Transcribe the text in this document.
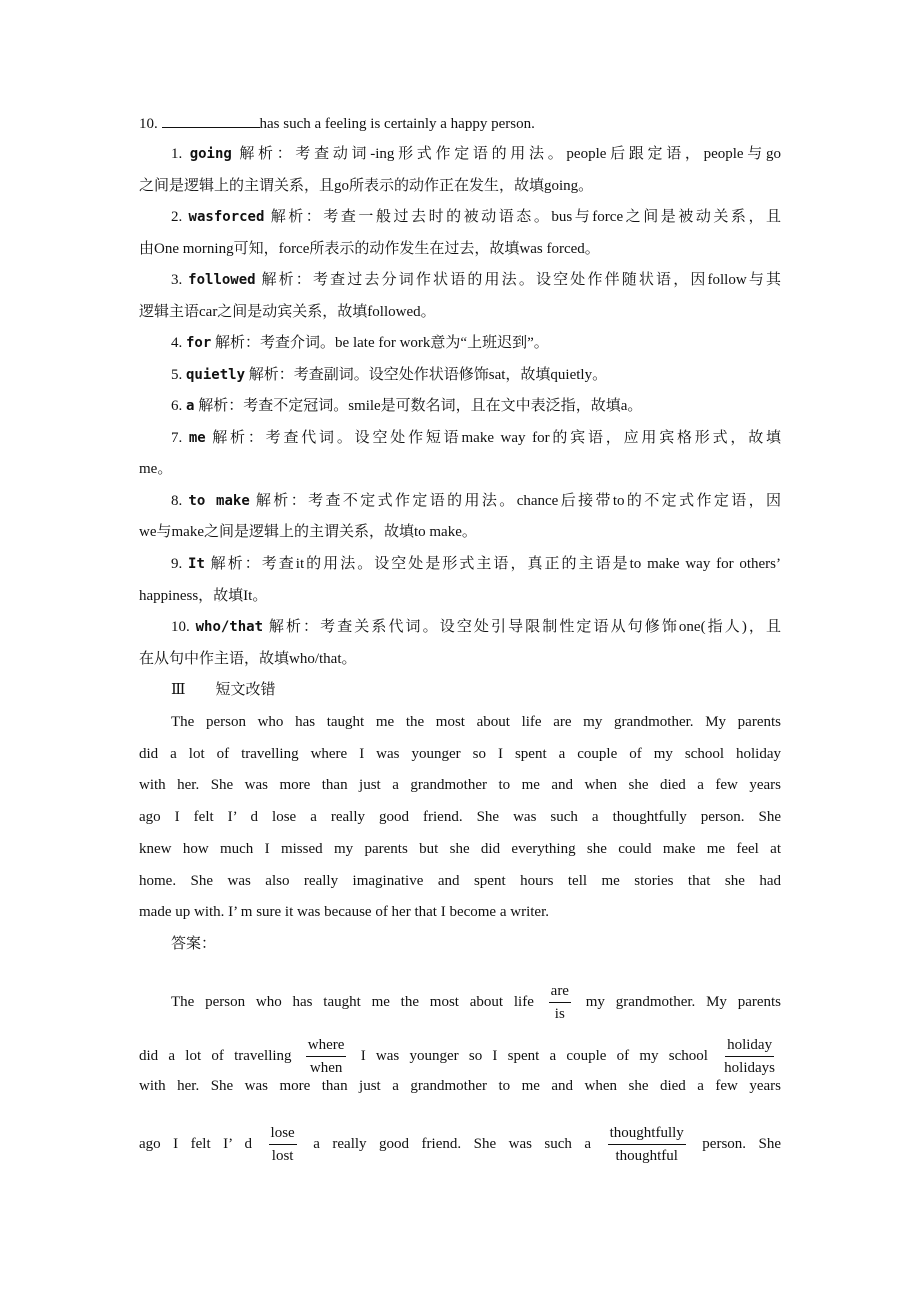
10.	has such a feeling is certainly a happy person.
1. going 解析：考查动词-ing形式作定语的用法。people后跟定语，people与go
之间是逻辑上的主谓关系，且go所表示的动作正在发生，故填going。
2. wasforced 解析：考查一般过去时的被动语态。bus与force之间是被动关系，且
由One morning可知，force所表示的动作发生在过去，故填was forced。
3. followed 解析：考查过去分词作状语的用法。设空处作伴随状语，因follow与其
逻辑主语car之间是动宾关系，故填followed。
4. for 解析：考查介词。be late for work意为“上班迟到”。
5. quietly 解析：考查副词。设空处作状语修饰sat，故填quietly。
6. a 解析：考查不定冠词。smile是可数名词，且在文中表泛指，故填a。
7. me 解析：考查代词。设空处作短语make way for的宾语，应用宾格形式，故填
me。
8. to make 解析：考查不定式作定语的用法。chance后接带to的不定式作定语，因
we与make之间是逻辑上的主谓关系，故填to make。
9. It 解析：考查it的用法。设空处是形式主语，真正的主语是to make way for others’
happiness，故填It。
10. who/that 解析：考查关系代词。设空处引导限制性定语从句修饰one(指人)，且
在从句中作主语，故填who/that。
Ⅲ　　短文改错
The person who has taught me the most about life are my grandmother. My parents
did a lot of travelling where I was younger so I spent a couple of my school holiday
with her. She was more than just a grandmother to me and when she died a few years
ago I felt I’ d lose a really good friend. She was such a thoughtfully person. She
knew how much I missed my parents but she did everything she could make me feel at
home. She was also really imaginative and spent hours tell me stories that she had
made up with. I’ m sure it was because of her that I become a writer.
答案：
The person who has taught me the most about life $\frac{\text{are}}{is}$ my grandmother. My parents
did a lot of travelling $\frac{\text{where}}{\text{when}}$ I was younger so I spent a couple of my school $\frac{\text{holiday}}{\text{holidays}}$
with her. She was more than just a grandmother to me and when she died a few years
ago I felt I’ d $\frac{\text{lose}}{\text{lost}}$ a really good friend. She was such a $\frac{\text{thoughtfully}}{\text{thoughtful}}$ person. She
